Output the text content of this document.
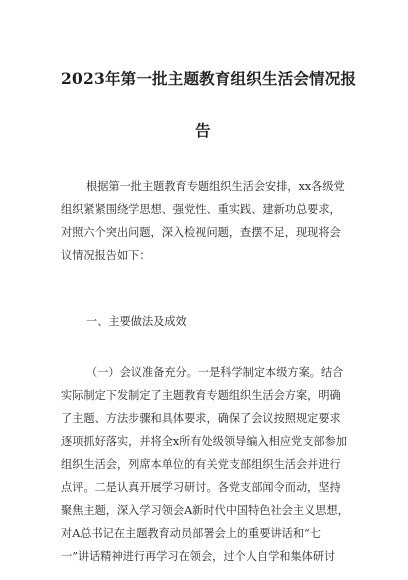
2023年第一批主题教育组织生活会情况报
告
根据第一批主题教育专题组织生活会安排，xx各级党
组织紧紧围绕学思想、强党性、重实践、建新功总要求，
对照六个突出问题，深入检视问题，查摆不足，现现将会
议情况报告如下：
一、主要做法及成效
（一）会议准备充分。一是科学制定本级方案。结合
实际制定下发制定了主题教育专题组织生活会方案，明确
了主题、方法步骤和具体要求，确保了会议按照规定要求
逐项抓好落实，并将全x所有处级领导编入相应党支部参加
组织生活会，列席本单位的有关党支部组织生活会并进行
点评。二是认真开展学习研讨。各党支部闻令而动，坚持
聚焦主题，深入学习领会A新时代中国特色社会主义思想，
对A总书记在主题教育动员部署会上的重要讲话和“七
一”讲话精神进行再学习在领会，过个人自学和集体研讨
